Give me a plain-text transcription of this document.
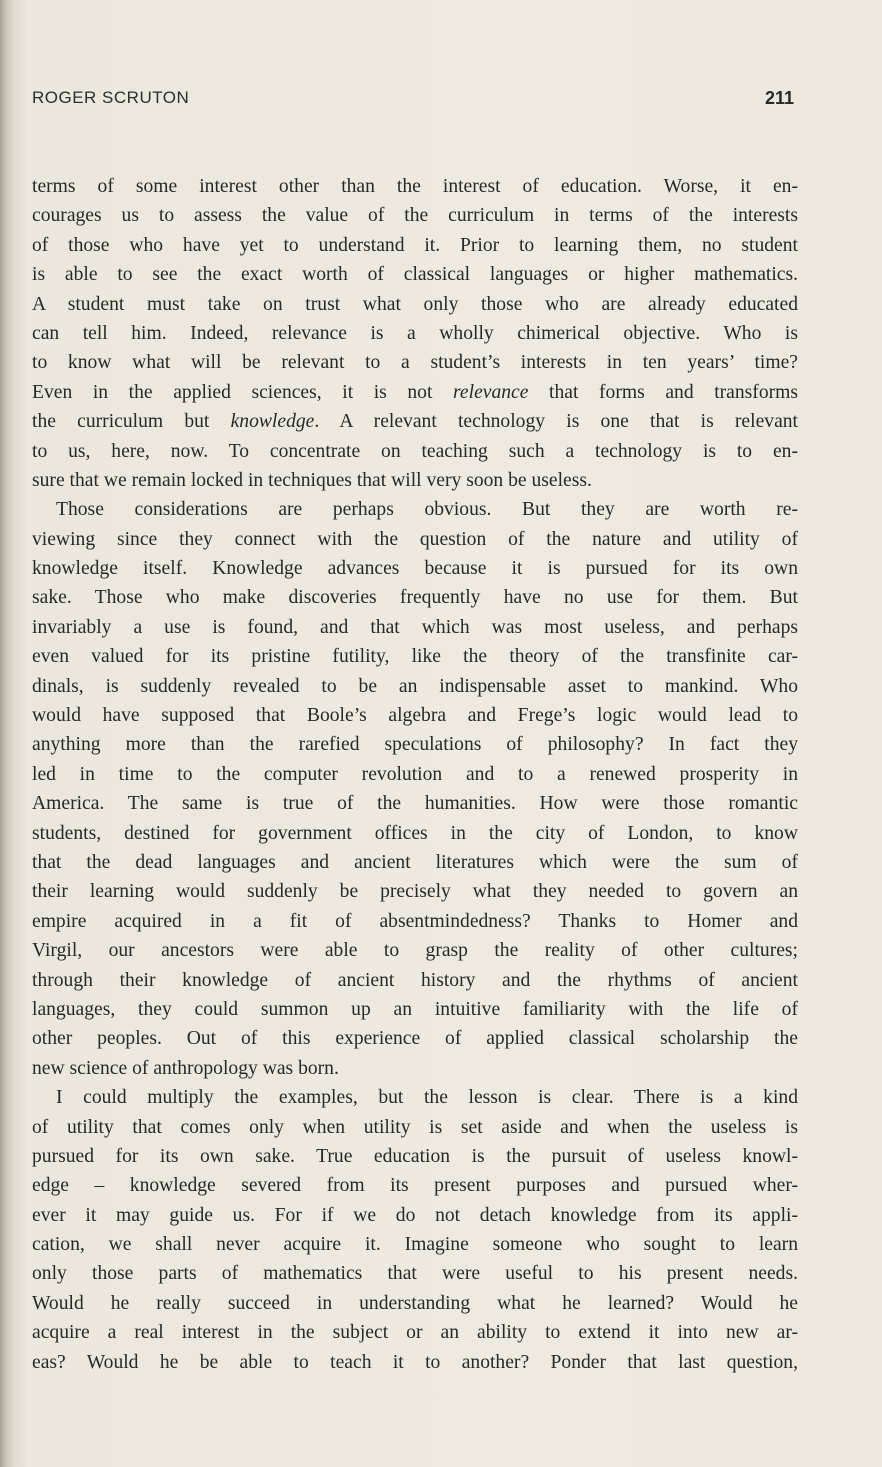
ROGER SCRUTON	211
terms of some interest other than the interest of education. Worse, it en-
courages us to assess the value of the curriculum in terms of the interests
of those who have yet to understand it. Prior to learning them, no student
is able to see the exact worth of classical languages or higher mathematics.
A student must take on trust what only those who are already educated
can tell him. Indeed, relevance is a wholly chimerical objective. Who is
to know what will be relevant to a student’s interests in ten years’ time?
Even in the applied sciences, it is not relevance that forms and transforms
the curriculum but knowledge. A relevant technology is one that is relevant
to us, here, now. To concentrate on teaching such a technology is to en-
sure that we remain locked in techniques that will very soon be useless.
Those considerations are perhaps obvious. But they are worth re-
viewing since they connect with the question of the nature and utility of
knowledge itself. Knowledge advances because it is pursued for its own
sake. Those who make discoveries frequently have no use for them. But
invariably a use is found, and that which was most useless, and perhaps
even valued for its pristine futility, like the theory of the transfinite car-
dinals, is suddenly revealed to be an indispensable asset to mankind. Who
would have supposed that Boole’s algebra and Frege’s logic would lead to
anything more than the rarefied speculations of philosophy? In fact they
led in time to the computer revolution and to a renewed prosperity in
America. The same is true of the humanities. How were those romantic
students, destined for government offices in the city of London, to know
that the dead languages and ancient literatures which were the sum of
their learning would suddenly be precisely what they needed to govern an
empire acquired in a fit of absentmindedness? Thanks to Homer and
Virgil, our ancestors were able to grasp the reality of other cultures;
through their knowledge of ancient history and the rhythms of ancient
languages, they could summon up an intuitive familiarity with the life of
other peoples. Out of this experience of applied classical scholarship the
new science of anthropology was born.
I could multiply the examples, but the lesson is clear. There is a kind
of utility that comes only when utility is set aside and when the useless is
pursued for its own sake. True education is the pursuit of useless knowl-
edge – knowledge severed from its present purposes and pursued wher-
ever it may guide us. For if we do not detach knowledge from its appli-
cation, we shall never acquire it. Imagine someone who sought to learn
only those parts of mathematics that were useful to his present needs.
Would he really succeed in understanding what he learned? Would he
acquire a real interest in the subject or an ability to extend it into new ar-
eas? Would he be able to teach it to another? Ponder that last question,
